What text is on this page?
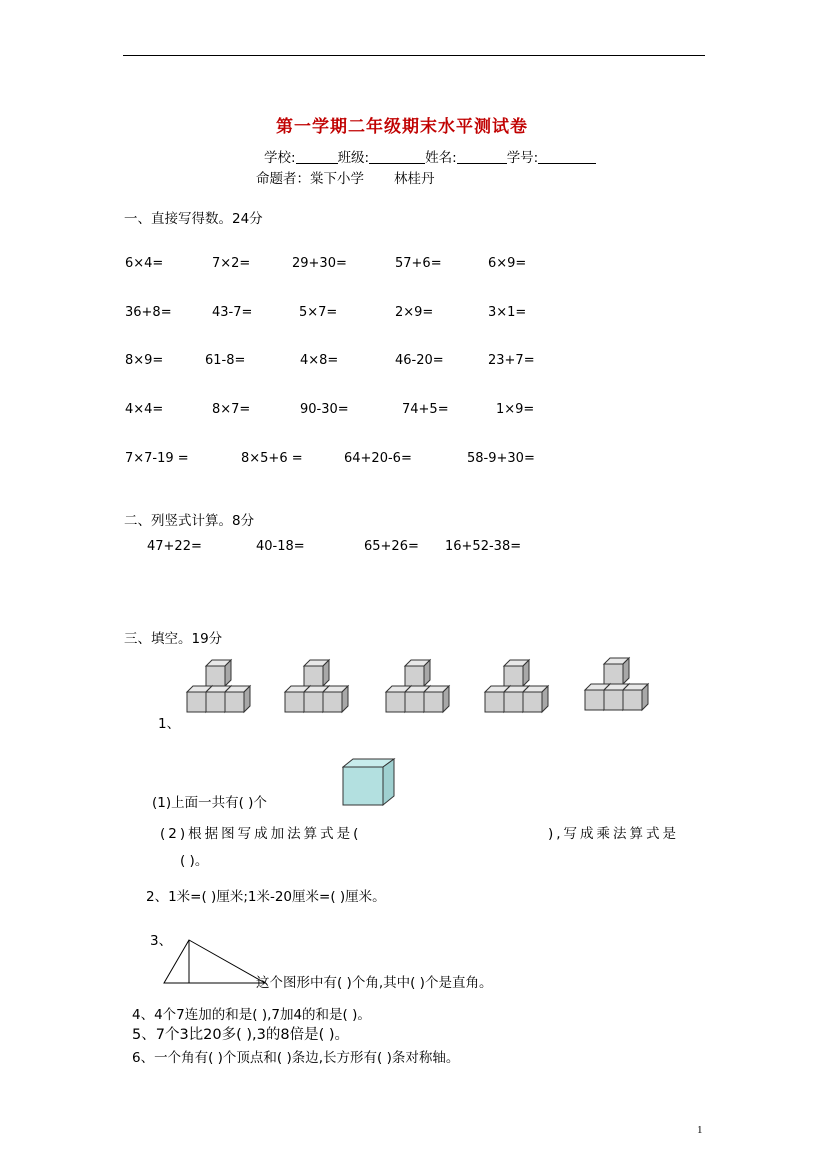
第一学期二年级期末水平测试卷
学校:	班级:	姓名:	学号:
命题者：棠下小学 林桂丹
一、直接写得数。24分
6×4=	7×2=	29+30=	57+6=	6×9=
36+8=	43-7=	5×7=	2×9=	3×1=
8×9=	61-8=	4×8=	46-20=	23+7=
4×4=	8×7=	90-30=	74+5=	1×9=
7×7-19 =	8×5+6 =	64+20-6=	58-9+30=
二、列竖式计算。8分
47+22=	40-18=	65+26= 16+52-38=
三、填空。19分
1、
(1)上面一共有( )个
(2)根据图写成加法算式是(	),写成乘法算式是
( )。
2、1米=( )厘米;1米-20厘米=( )厘米。
3、
这个图形中有( )个角,其中( )个是直角。
4、4个7连加的和是( ),7加4的和是( )。
5、7个3比20多( ),3的8倍是( )。
6、一个角有( )个顶点和( )条边,长方形有( )条对称轴。
1
